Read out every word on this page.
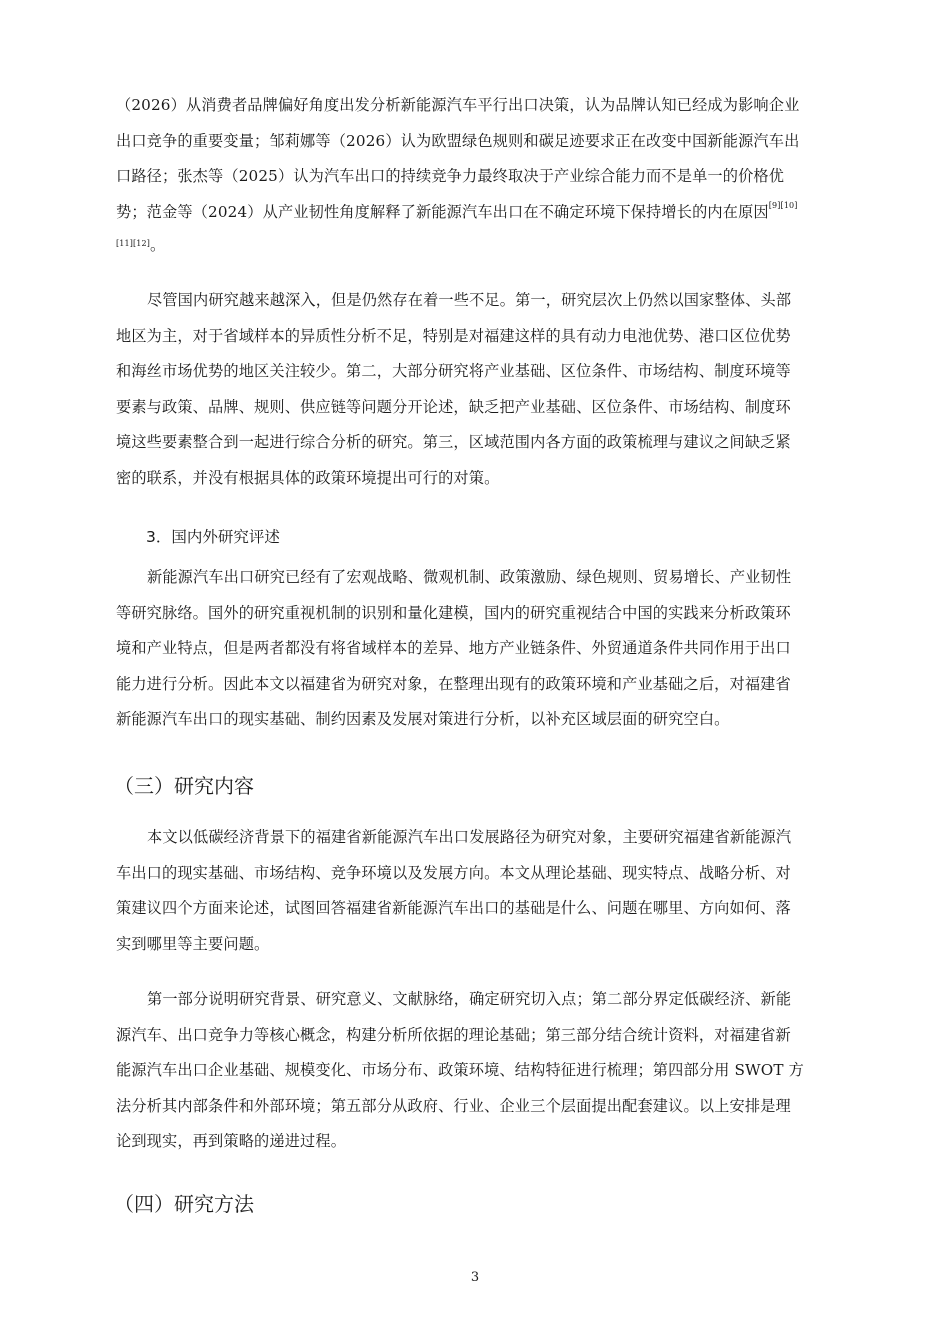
（2026）从消费者品牌偏好角度出发分析新能源汽车平行出口决策，认为品牌认知已经成为影响企业
出口竞争的重要变量；邹莉娜等（2026）认为欧盟绿色规则和碳足迹要求正在改变中国新能源汽车出
口路径；张杰等（2025）认为汽车出口的持续竞争力最终取决于产业综合能力而不是单一的价格优
势；范金等（2024）从产业韧性角度解释了新能源汽车出口在不确定环境下保持增长的内在原因[9][10]
[11][12]。
尽管国内研究越来越深入，但是仍然存在着一些不足。第一，研究层次上仍然以国家整体、头部
地区为主，对于省域样本的异质性分析不足，特别是对福建这样的具有动力电池优势、港口区位优势
和海丝市场优势的地区关注较少。第二，大部分研究将产业基础、区位条件、市场结构、制度环境等
要素与政策、品牌、规则、供应链等问题分开论述，缺乏把产业基础、区位条件、市场结构、制度环
境这些要素整合到一起进行综合分析的研究。第三，区域范围内各方面的政策梳理与建议之间缺乏紧
密的联系，并没有根据具体的政策环境提出可行的对策。
3．国内外研究评述
新能源汽车出口研究已经有了宏观战略、微观机制、政策激励、绿色规则、贸易增长、产业韧性
等研究脉络。国外的研究重视机制的识别和量化建模，国内的研究重视结合中国的实践来分析政策环
境和产业特点，但是两者都没有将省域样本的差异、地方产业链条件、外贸通道条件共同作用于出口
能力进行分析。因此本文以福建省为研究对象，在整理出现有的政策环境和产业基础之后，对福建省
新能源汽车出口的现实基础、制约因素及发展对策进行分析，以补充区域层面的研究空白。
（三）研究内容
本文以低碳经济背景下的福建省新能源汽车出口发展路径为研究对象，主要研究福建省新能源汽
车出口的现实基础、市场结构、竞争环境以及发展方向。本文从理论基础、现实特点、战略分析、对
策建议四个方面来论述，试图回答福建省新能源汽车出口的基础是什么、问题在哪里、方向如何、落
实到哪里等主要问题。
第一部分说明研究背景、研究意义、文献脉络，确定研究切入点；第二部分界定低碳经济、新能
源汽车、出口竞争力等核心概念，构建分析所依据的理论基础；第三部分结合统计资料，对福建省新
能源汽车出口企业基础、规模变化、市场分布、政策环境、结构特征进行梳理；第四部分用 SWOT 方
法分析其内部条件和外部环境；第五部分从政府、行业、企业三个层面提出配套建议。以上安排是理
论到现实，再到策略的递进过程。
（四）研究方法
3
